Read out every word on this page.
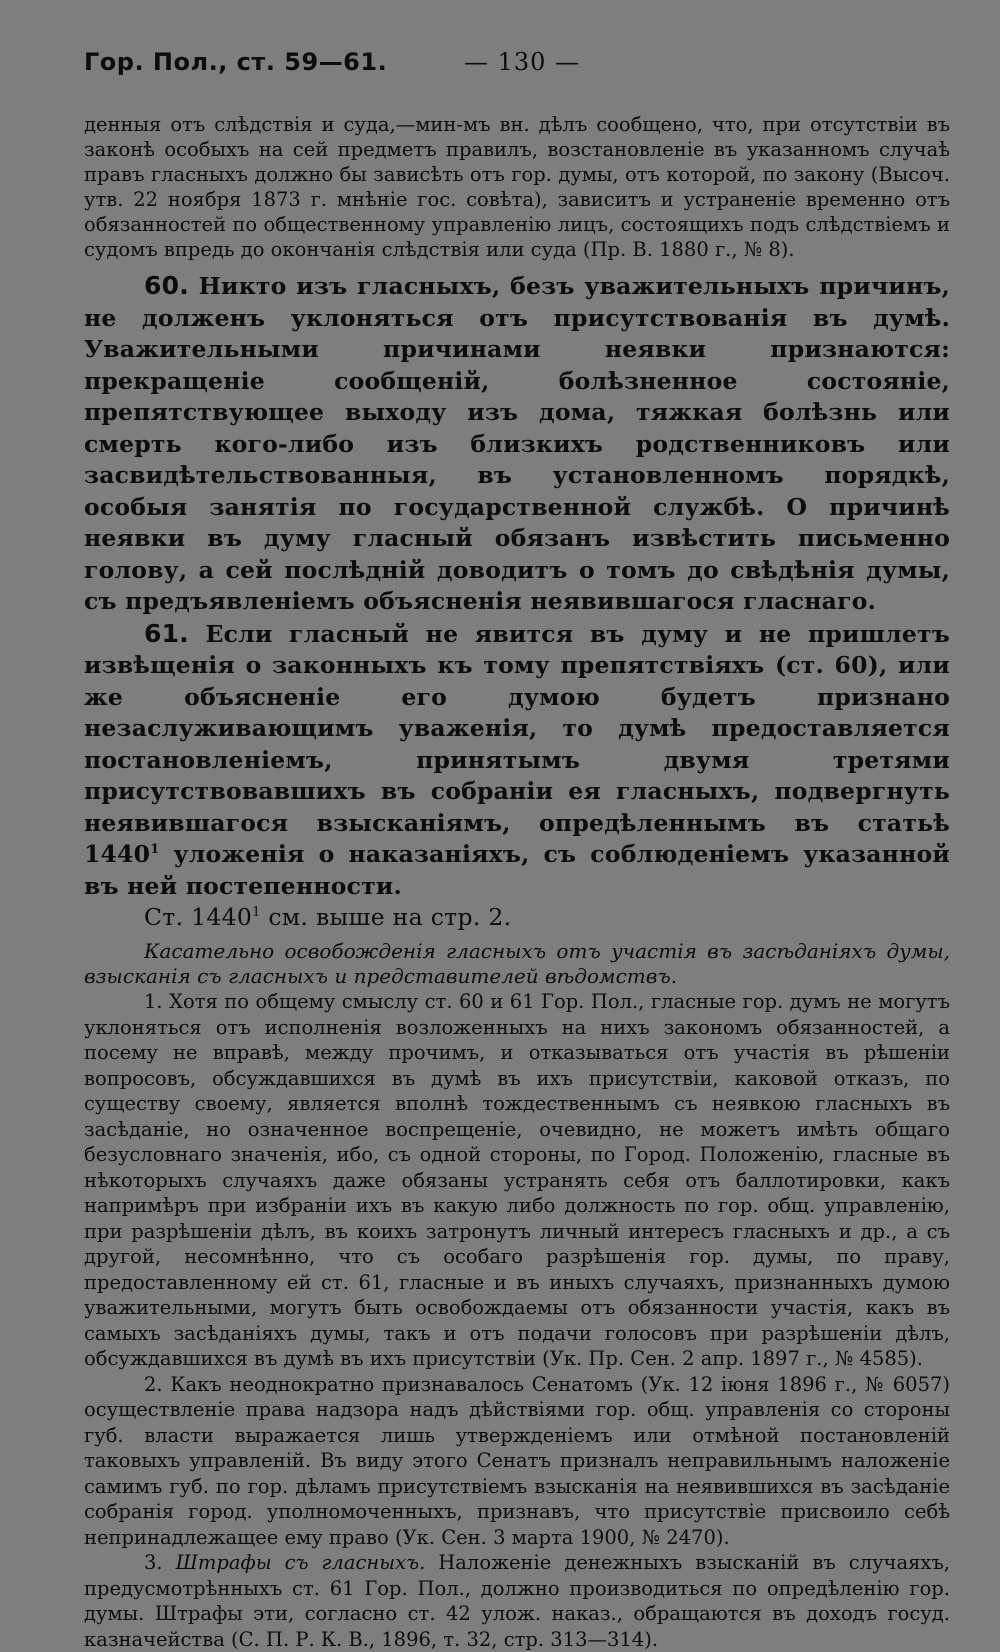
Гор. Пол., ст. 59—61.	— 130 —

денныя отъ слѣдствія и суда,—мин-мъ вн. дѣлъ сообщено, что, при отсутствіи въ законѣ особыхъ на сей предметъ правилъ, возстановленіе въ указанномъ случаѣ правъ гласныхъ должно бы зависѣть отъ гор. думы, отъ которой, по закону (Высоч. утв. 22 ноября 1873 г. мнѣніе гос. совѣта), зависитъ и устраненіе временно отъ обязанностей по общественному управленію лицъ, состоящихъ подъ слѣдствіемъ и судомъ впредь до окончанія слѣдствія или суда (Пр. В. 1880 г., № 8).

60. Никто изъ гласныхъ, безъ уважительныхъ причинъ, не долженъ уклоняться отъ присутствованія въ думѣ. Уважительными причинами неявки признаются: прекращеніе сообщеній, болѣзненное состояніе, препятствующее выходу изъ дома, тяжкая болѣзнь или смерть кого-либо изъ близкихъ родственниковъ или засвидѣтельствованныя, въ установленномъ порядкѣ, особыя занятія по государственной службѣ. О причинѣ неявки въ думу гласный обязанъ извѣстить письменно голову, а сей послѣдній доводитъ о томъ до свѣдѣнія думы, съ предъявленіемъ объясненія неявившагося гласнаго.

61. Если гласный не явится въ думу и не пришлетъ извѣщенія о законныхъ къ тому препятствіяхъ (ст. 60), или же объясненіе его думою будетъ признано незаслуживающимъ уваженія, то думѣ предоставляется постановленіемъ, принятымъ двумя третями присутствовавшихъ въ собраніи ея гласныхъ, подвергнуть неявившагося взысканіямъ, опредѣленнымъ въ статьѣ 1440$^1$ уложенія о наказаніяхъ, съ соблюденіемъ указанной въ ней постепенности.

Ст. 1440$^1$ см. выше на стр. 2.

Касательно освобожденія гласныхъ отъ участія въ засѣданіяхъ думы, взысканія съ гласныхъ и представителей вѣдомствъ.

1. Хотя по общему смыслу ст. 60 и 61 Гор. Пол., гласные гор. думъ не могутъ уклоняться отъ исполненія возложенныхъ на нихъ закономъ обязанностей, а посему не вправѣ, между прочимъ, и отказываться отъ участія въ рѣшеніи вопросовъ, обсуждавшихся въ думѣ въ ихъ присутствіи, каковой отказъ, по существу своему, является вполнѣ тождественнымъ съ неявкою гласныхъ въ засѣданіе, но означенное воспрещеніе, очевидно, не можетъ имѣть общаго безусловнаго значенія, ибо, съ одной стороны, по Город. Положенію, гласные въ нѣкоторыхъ случаяхъ даже обязаны устранять себя отъ баллотировки, какъ напримѣръ при избраніи ихъ въ какую либо должность по гор. общ. управленію, при разрѣшеніи дѣлъ, въ коихъ затронутъ личный интересъ гласныхъ и др., а съ другой, несомнѣнно, что съ особаго разрѣшенія гор. думы, по праву, предоставленному ей ст. 61, гласные и въ иныхъ случаяхъ, признанныхъ думою уважительными, могутъ быть освобождаемы отъ обязанности участія, какъ въ самыхъ засѣданіяхъ думы, такъ и отъ подачи голосовъ при разрѣшеніи дѣлъ, обсуждавшихся въ думѣ въ ихъ присутствіи (Ук. Пр. Сен. 2 апр. 1897 г., № 4585).

2. Какъ неоднократно признавалось Сенатомъ (Ук. 12 іюня 1896 г., № 6057) осуществленіе права надзора надъ дѣйствіями гор. общ. управленія со стороны губ. власти выражается лишь утвержденіемъ или отмѣной постановленій таковыхъ управленій. Въ виду этого Сенатъ призналъ неправильнымъ наложеніе самимъ губ. по гор. дѣламъ присутствіемъ взысканія на неявившихся въ засѣданіе собранія город. уполномоченныхъ, признавъ, что присутствіе присвоило себѣ непринадлежащее ему право (Ук. Сен. 3 марта 1900, № 2470).

3. Штрафы съ гласныхъ. Наложеніе денежныхъ взысканій въ случаяхъ, предусмотрѣнныхъ ст. 61 Гор. Пол., должно производиться по опредѣленію гор. думы. Штрафы эти, согласно ст. 42 улож. наказ., обращаются въ доходъ госуд. казначейства (С. П. Р. К. В., 1896, т. 32, стр. 313—314).
